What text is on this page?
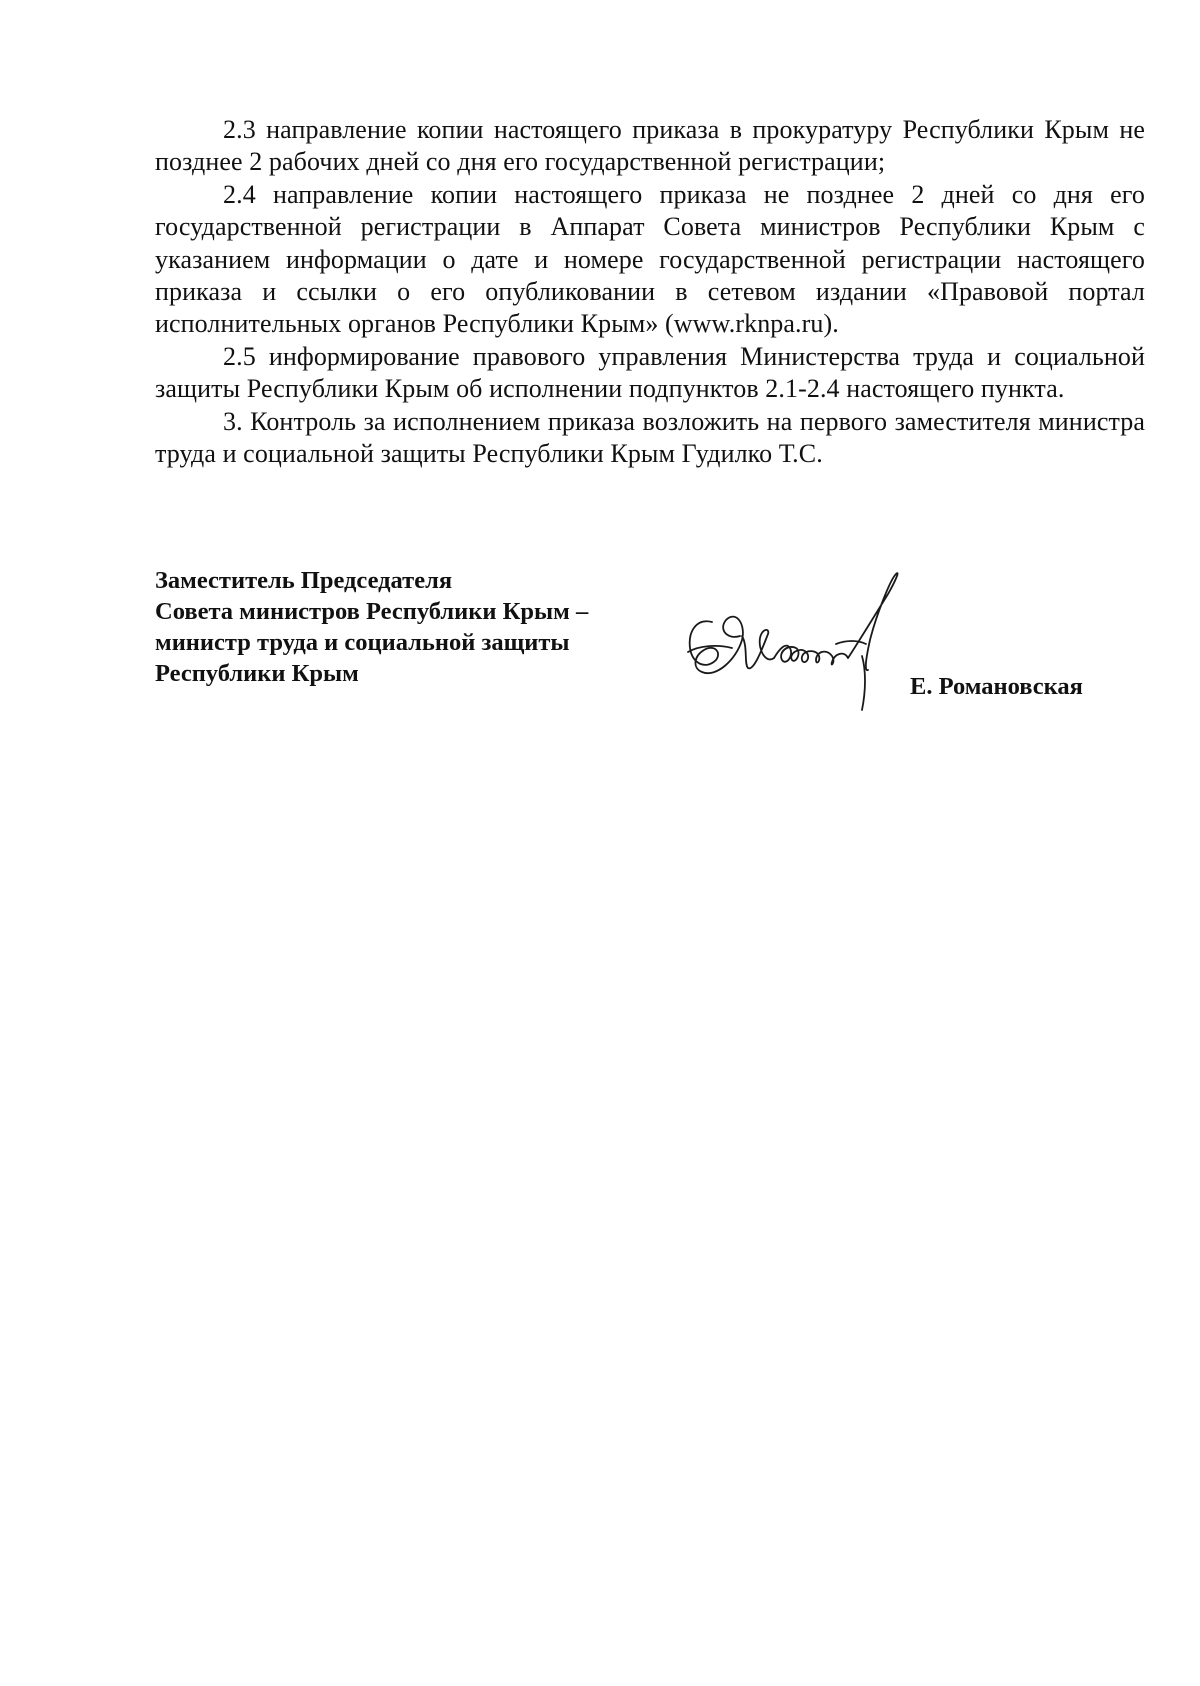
2.3 направление копии настоящего приказа в прокуратуру Республики Крым не позднее 2 рабочих дней со дня его государственной регистрации;

2.4 направление копии настоящего приказа не позднее 2 дней со дня его государственной регистрации в Аппарат Совета министров Республики Крым с указанием информации о дате и номере государственной регистрации настоящего приказа и ссылки о его опубликовании в сетевом издании «Правовой портал исполнительных органов Республики Крым» (www.rknpa.ru).

2.5 информирование правового управления Министерства труда и социальной защиты Республики Крым об исполнении подпунктов 2.1-2.4 настоящего пункта.

3. Контроль за исполнением приказа возложить на первого заместителя министра труда и социальной защиты Республики Крым Гудилко Т.С.

Заместитель Председателя
Совета министров Республики Крым –
министр труда и социальной защиты
Республики Крым	Е. Романовская
